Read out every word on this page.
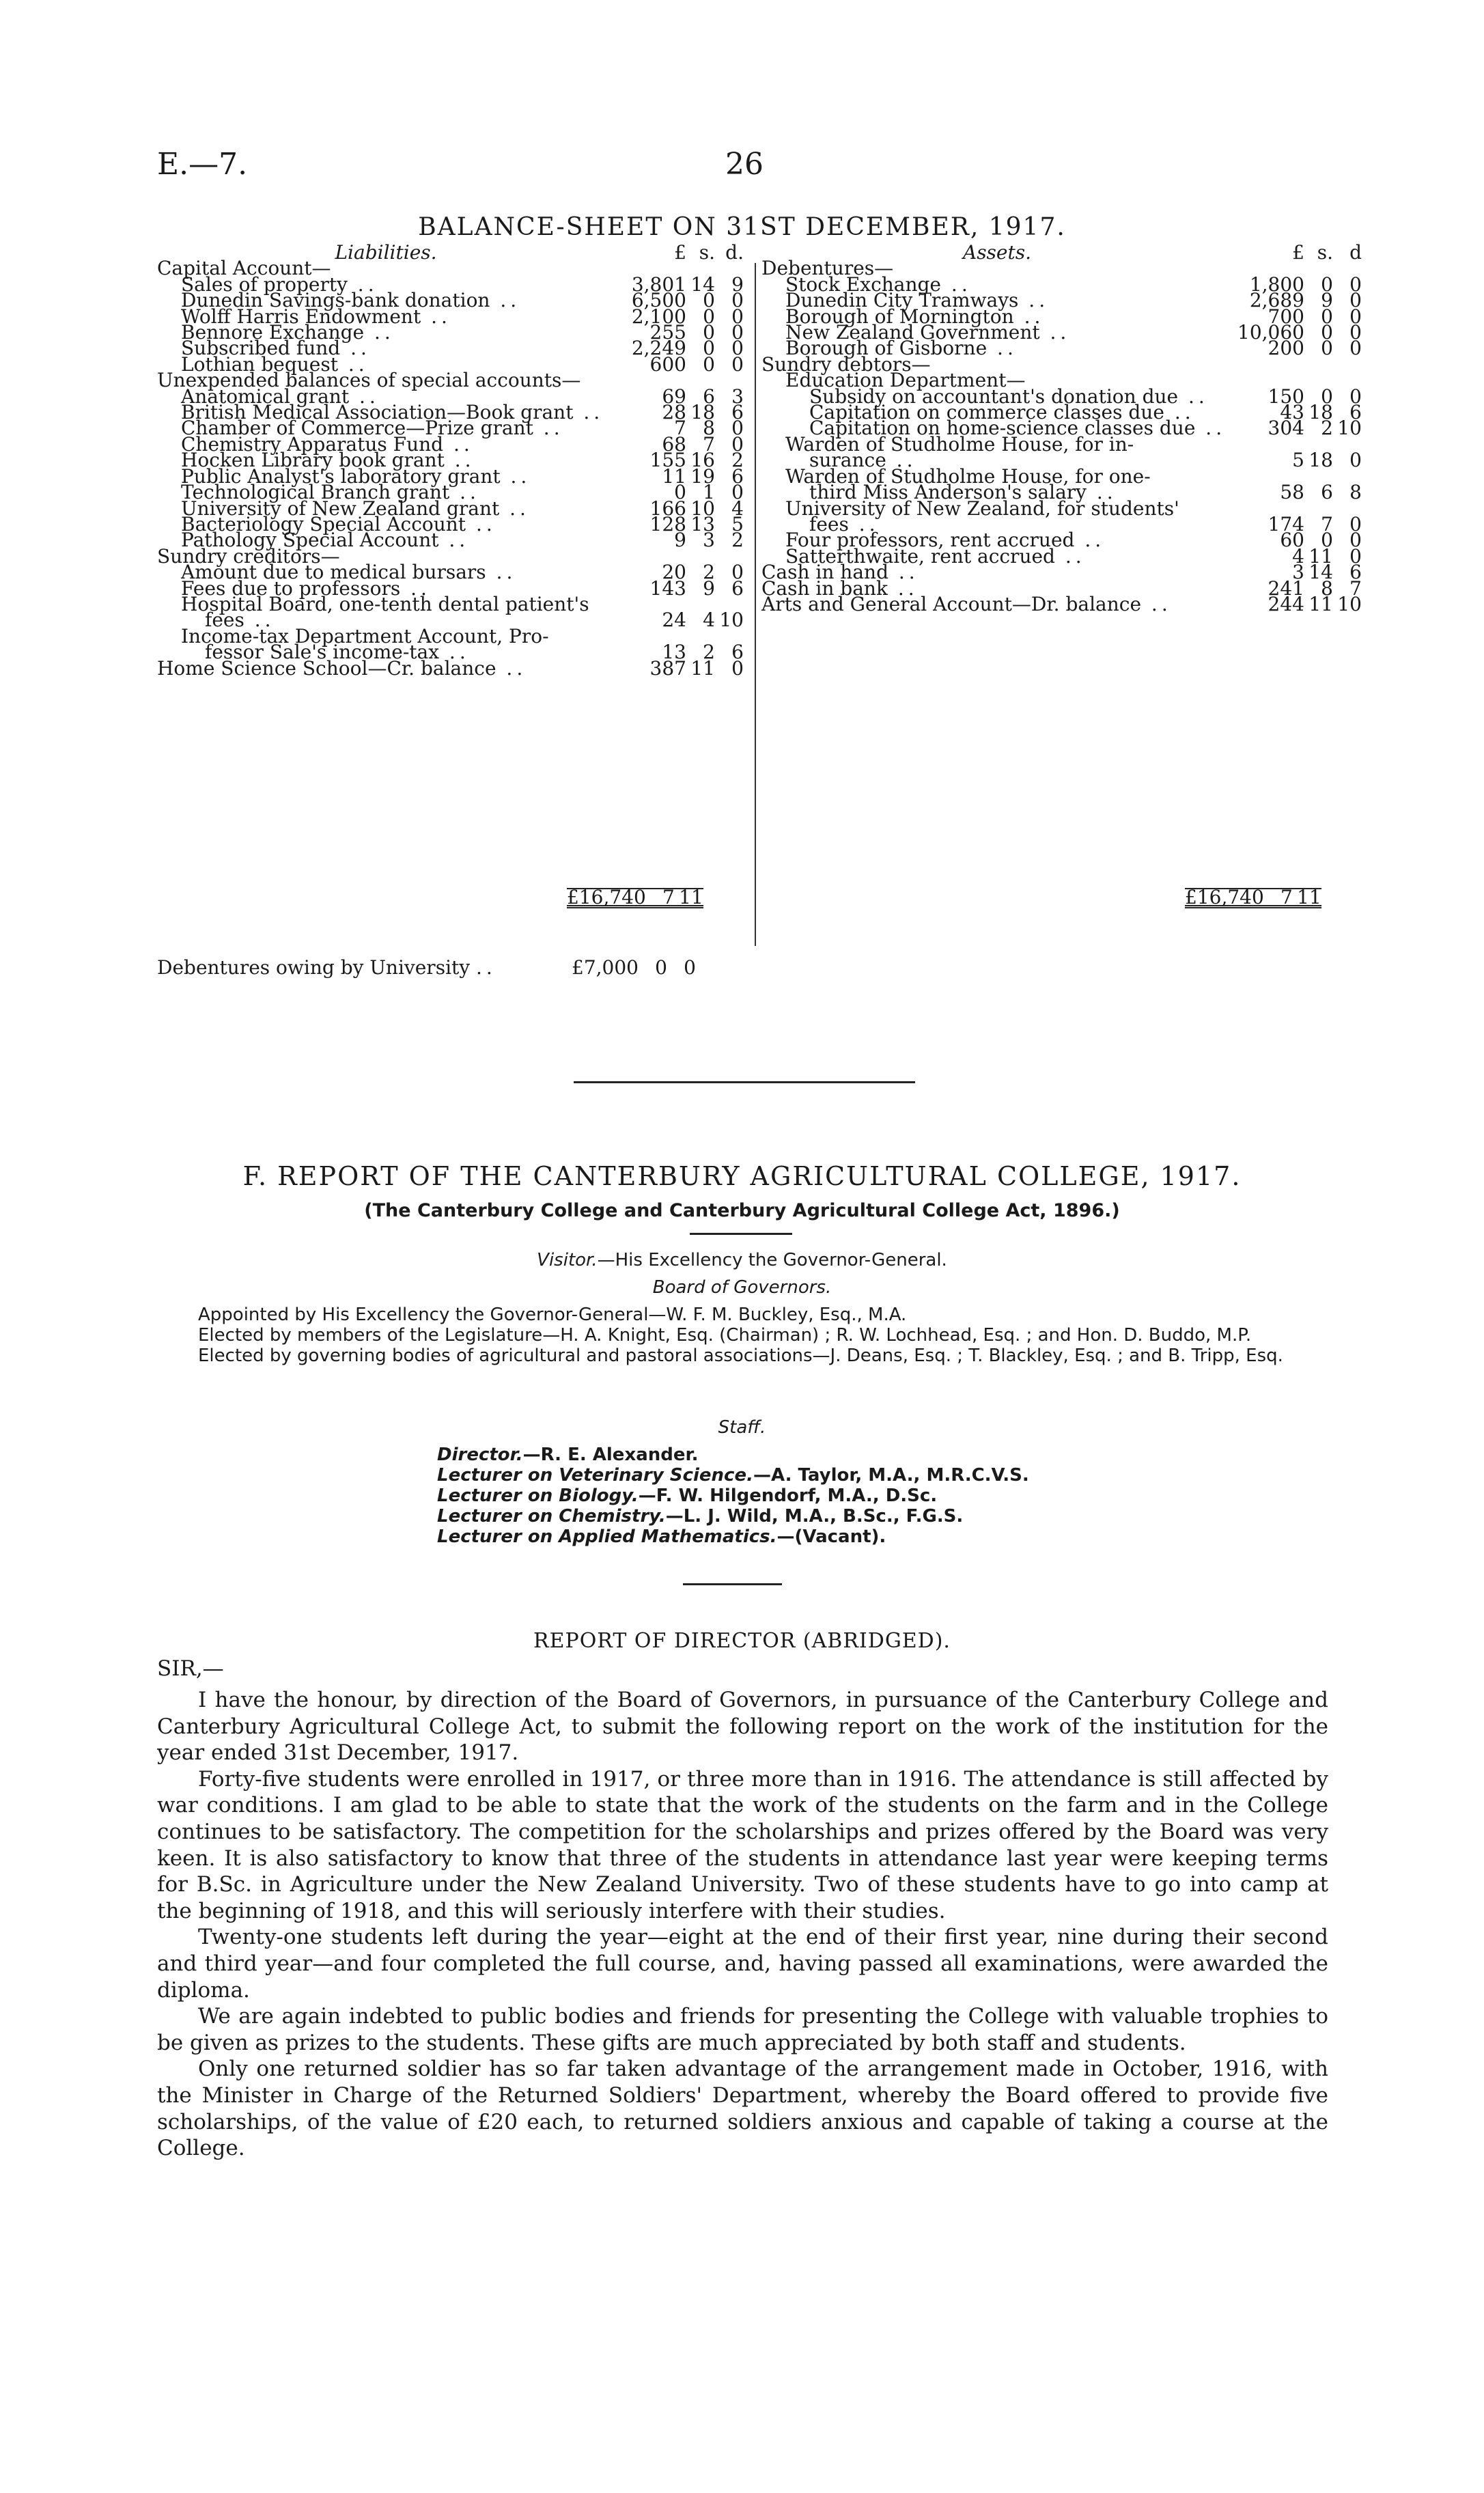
E.—7.	26
BALANCE-SHEET ON 31ST DECEMBER, 1917.
Liabilities.	£	s.	d.
Capital Account—			
Sales of property ..	3,801	14	9
Dunedin Savings-bank donation ..	6,500	0	0
Wolff Harris Endowment ..	2,100	0	0
Bennore Exchange ..	255	0	0
Subscribed fund ..	2,249	0	0
Lothian bequest ..	600	0	0
Unexpended balances of special accounts—			
Anatomical grant ..	69	6	3
British Medical Association—Book grant ..	28	18	6
Chamber of Commerce—Prize grant ..	7	8	0
Chemistry Apparatus Fund ..	68	7	0
Hocken Library book grant ..	155	16	2
Public Analyst's laboratory grant ..	11	19	6
Technological Branch grant ..	0	1	0
University of New Zealand grant ..	166	10	4
Bacteriology Special Account ..	128	13	5
Pathology Special Account ..	9	3	2
Sundry creditors—			
Amount due to medical bursars ..	20	2	0
Fees due to professors ..	143	9	6
Hospital Board, one-tenth dental patient's			
fees ..	24	4	10
Income-tax Department Account, Pro-			
fessor Sale's income-tax ..	13	2	6
Home Science School—Cr. balance ..	387	11	0
Assets.	£	s.	d
Debentures—			
Stock Exchange ..	1,800	0	0
Dunedin City Tramways ..	2,689	9	0
Borough of Mornington ..	700	0	0
New Zealand Government ..	10,060	0	0
Borough of Gisborne ..	200	0	0
Sundry debtors—			
Education Department—			
Subsidy on accountant's donation due ..	150	0	0
Capitation on commerce classes due ..	43	18	6
Capitation on home-science classes due ..	304	2	10
Warden of Studholme House, for in-			
surance ..	5	18	0
Warden of Studholme House, for one-			
third Miss Anderson's salary ..	58	6	8
University of New Zealand, for students'			
fees ..	174	7	0
Four professors, rent accrued ..	60	0	0
Satterthwaite, rent accrued ..	4	11	0
Cash in hand ..	3	14	6
Cash in bank ..	241	8	7
Arts and General Account—Dr. balance ..	244	11	10
	£16,740	7	11
		£16,740	7	11
Debentures owing by University ..	£7,000	0	0
F. REPORT OF THE CANTERBURY AGRICULTURAL COLLEGE, 1917.
(The Canterbury College and Canterbury Agricultural College Act, 1896.)
Visitor.—His Excellency the Governor-General.
Board of Governors.
Appointed by His Excellency the Governor-General—W. F. M. Buckley, Esq., M.A.
Elected by members of the Legislature—H. A. Knight, Esq. (Chairman) ; R. W. Lochhead, Esq. ; and Hon. D. Buddo, M.P.
Elected by governing bodies of agricultural and pastoral associations—J. Deans, Esq. ; T. Blackley, Esq. ; and B. Tripp, Esq.
Staff.
Director.—R. E. Alexander.
Lecturer on Veterinary Science.—A. Taylor, M.A., M.R.C.V.S.
Lecturer on Biology.—F. W. Hilgendorf, M.A., D.Sc.
Lecturer on Chemistry.—L. J. Wild, M.A., B.Sc., F.G.S.
Lecturer on Applied Mathematics.—(Vacant).
REPORT OF DIRECTOR (ABRIDGED).
SIR,—

I have the honour, by direction of the Board of Governors, in pursuance of the Canterbury College and Canterbury Agricultural College Act, to submit the following report on the work of the institution for the year ended 31st December, 1917.

Forty-five students were enrolled in 1917, or three more than in 1916. The attendance is still affected by war conditions. I am glad to be able to state that the work of the students on the farm and in the College continues to be satisfactory. The competition for the scholarships and prizes offered by the Board was very keen. It is also satisfactory to know that three of the students in attendance last year were keeping terms for B.Sc. in Agriculture under the New Zealand University. Two of these students have to go into camp at the beginning of 1918, and this will seriously interfere with their studies.

Twenty-one students left during the year—eight at the end of their first year, nine during their second and third year—and four completed the full course, and, having passed all examinations, were awarded the diploma.

We are again indebted to public bodies and friends for presenting the College with valuable trophies to be given as prizes to the students. These gifts are much appreciated by both staff and students.

Only one returned soldier has so far taken advantage of the arrangement made in October, 1916, with the Minister in Charge of the Returned Soldiers' Department, whereby the Board offered to provide five scholarships, of the value of £20 each, to returned soldiers anxious and capable of taking a course at the College.
